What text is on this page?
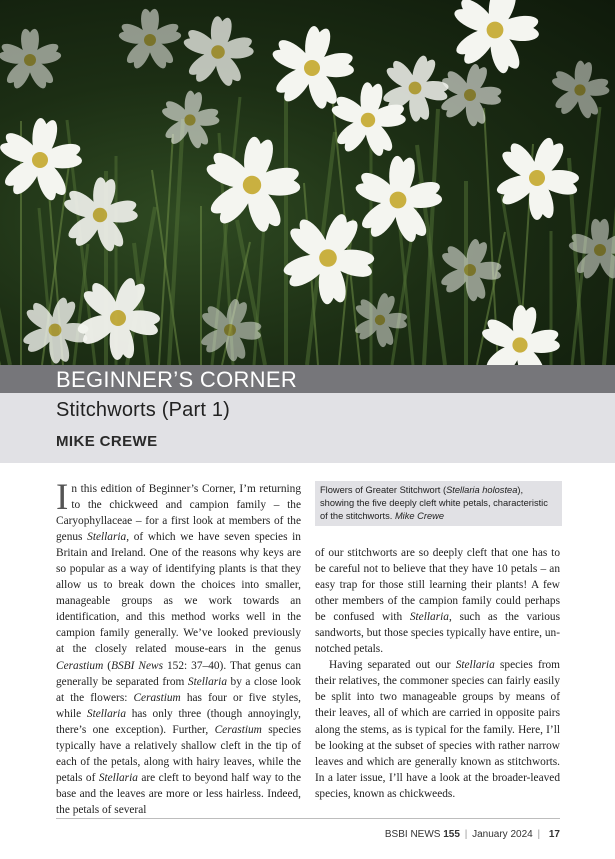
BEGINNER’S CORNER
Stitchworts (Part 1)
MIKE CREWE

In this edition of Beginner’s Corner, I’m returning to the chickweed and campion family – the Caryophyllaceae – for a first look at members of the genus Stellaria, of which we have seven species in Britain and Ireland. One of the reasons why keys are so popular as a way of identifying plants is that they allow us to break down the choices into smaller, manageable groups as we work towards an identification, and this method works well in the campion family generally. We’ve looked previously at the closely related mouse-ears in the genus Cerastium (BSBI News 152: 37–40). That genus can generally be separated from Stellaria by a close look at the flowers: Cerastium has four or five styles, while Stellaria has only three (though annoyingly, there’s one exception). Further, Cerastium species typically have a relatively shallow cleft in the tip of each of the petals, along with hairy leaves, while the petals of Stellaria are cleft to beyond half way to the base and the leaves are more or less hairless. Indeed, the petals of several

Flowers of Greater Stitchwort (Stellaria holostea), showing the five deeply cleft white petals, characteristic of the stitchworts. Mike Crewe

of our stitchworts are so deeply cleft that one has to be careful not to believe that they have 10 petals – an easy trap for those still learning their plants! A few other members of the campion family could perhaps be confused with Stellaria, such as the various sandworts, but those species typically have entire, un-notched petals.

Having separated out our Stellaria species from their relatives, the commoner species can fairly easily be split into two manageable groups by means of their leaves, all of which are carried in opposite pairs along the stems, as is typical for the family. Here, I’ll be looking at the subset of species with rather narrow leaves and which are generally known as stitchworts. In a later issue, I’ll have a look at the broader-leaved species, known as chickweeds.

BSBI NEWS 155 | January 2024 | 17
